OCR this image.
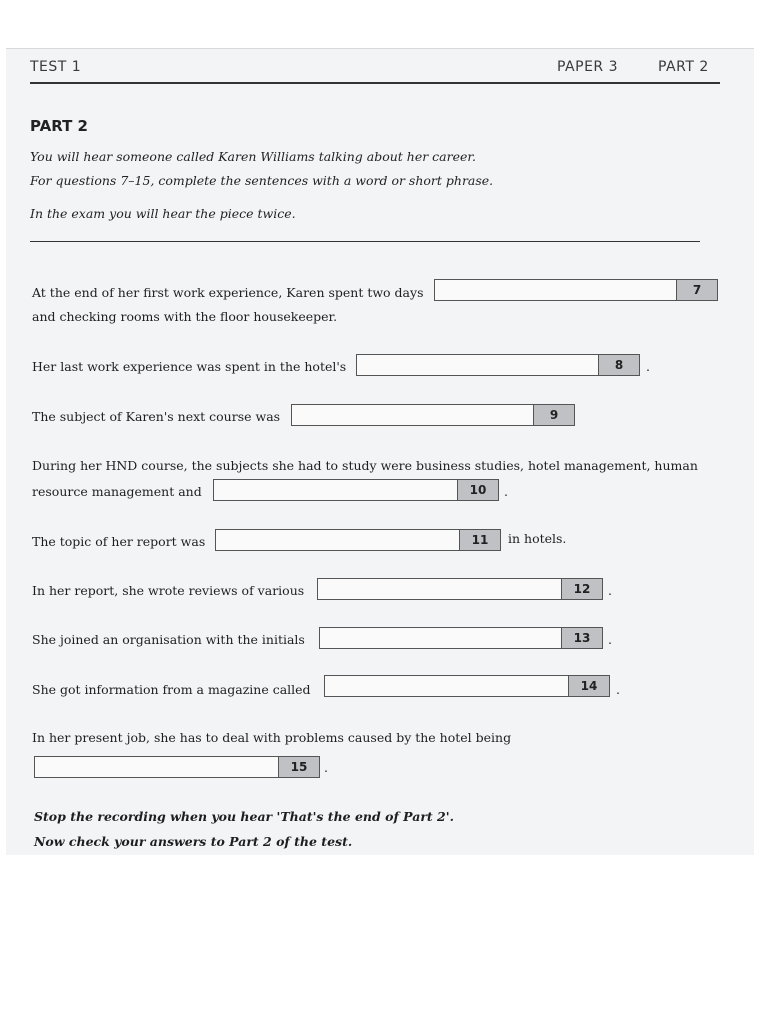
TEST 1	PAPER 3	PART 2
PART 2
You will hear someone called Karen Williams talking about her career.
For questions 7–15, complete the sentences with a word or short phrase.
In the exam you will hear the piece twice.
At the end of her first work experience, Karen spent two days	7
and checking rooms with the floor housekeeper.
Her last work experience was spent in the hotel's	8	.
The subject of Karen's next course was	9
During her HND course, the subjects she had to study were business studies, hotel management, human
resource management and	10	.
The topic of her report was	11	in hotels.
In her report, she wrote reviews of various	12	.
She joined an organisation with the initials	13	.
She got information from a magazine called	14	.
In her present job, she has to deal with problems caused by the hotel being
15	.
Stop the recording when you hear 'That's the end of Part 2'.
Now check your answers to Part 2 of the test.
